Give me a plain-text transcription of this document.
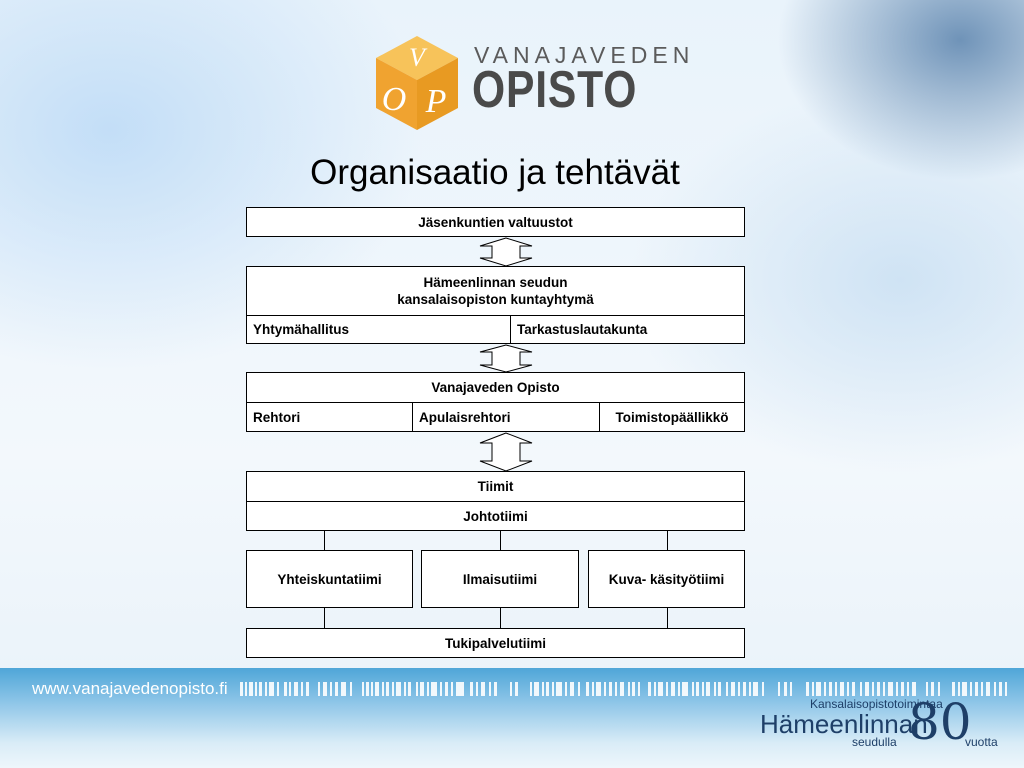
V
O P
VANAJAVEDEN
OPISTO
Organisaatio ja tehtävät
Jäsenkuntien valtuustot
Hämeenlinnan seudun
kansalaisopiston kuntayhtymä
Yhtymähallitus	Tarkastuslautakunta
Vanajaveden Opisto
Rehtori	Apulaisrehtori	Toimistopäällikkö
Tiimit
Johtotiimi
Yhteiskuntatiimi	Ilmaisutiimi	Kuva- käsityötiimi
Tukipalvelutiimi
www.vanajavedenopisto.fi
Kansalaisopistotoimintaa
Hämeenlinnan
seudulla 80
vuotta
